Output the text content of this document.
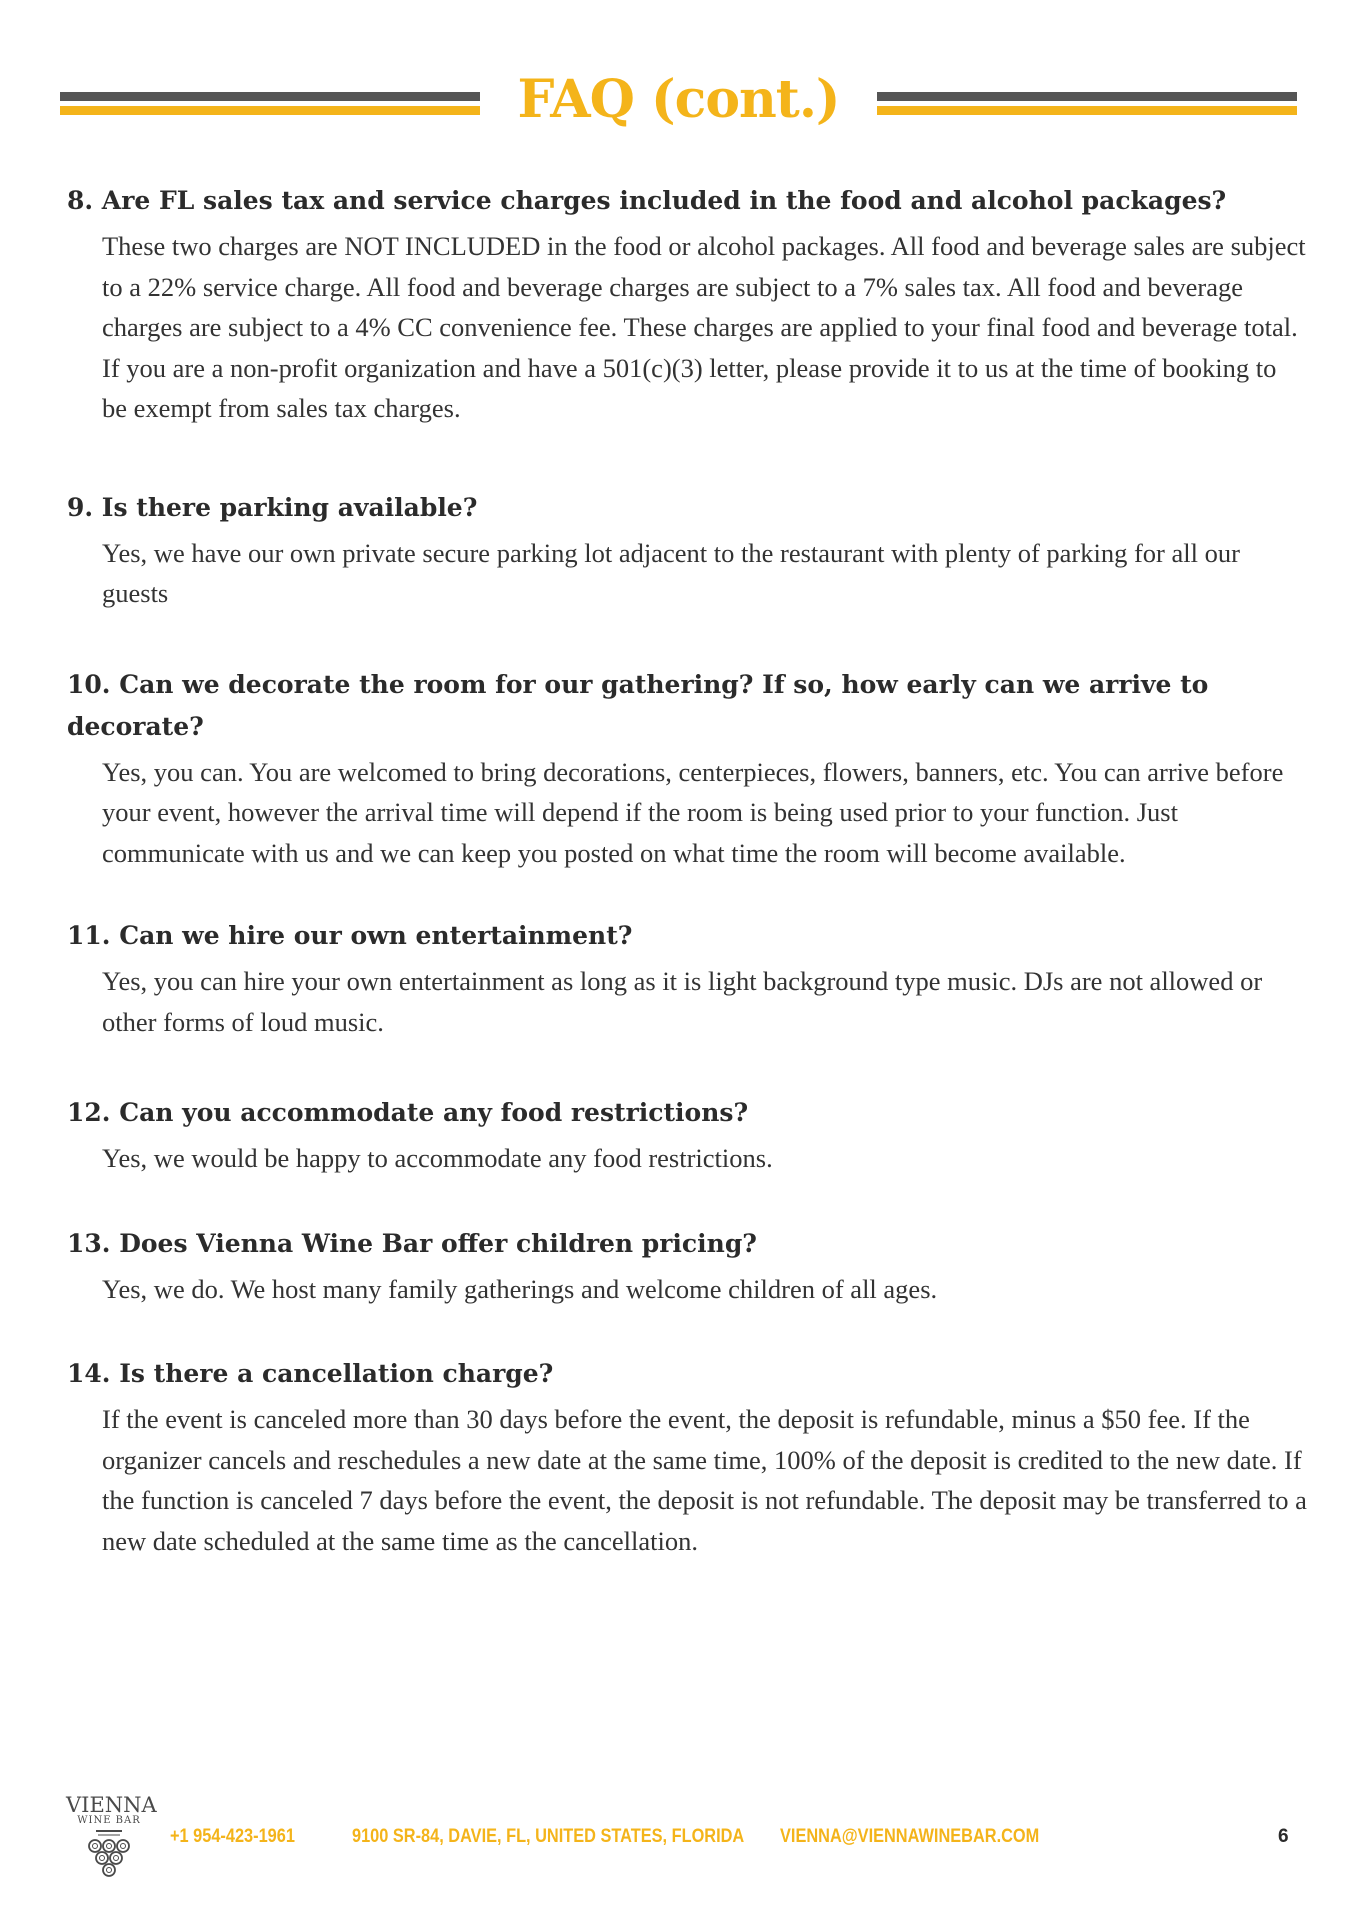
FAQ (cont.)
8. Are FL sales tax and service charges included in the food and alcohol packages?
These two charges are NOT INCLUDED in the food or alcohol packages. All food and beverage sales are subject to a 22% service charge. All food and beverage charges are subject to a 7% sales tax. All food and beverage charges are subject to a 4% CC convenience fee. These charges are applied to your final food and beverage total. If you are a non-profit organization and have a 501(c)(3) letter, please provide it to us at the time of booking to be exempt from sales tax charges.
9. Is there parking available?
Yes, we have our own private secure parking lot adjacent to the restaurant with plenty of parking for all our guests
10. Can we decorate the room for our gathering? If so, how early can we arrive to decorate?
Yes, you can. You are welcomed to bring decorations, centerpieces, flowers, banners, etc. You can arrive before your event, however the arrival time will depend if the room is being used prior to your function. Just communicate with us and we can keep you posted on what time the room will become available.
11. Can we hire our own entertainment?
Yes, you can hire your own entertainment as long as it is light background type music. DJs are not allowed or other forms of loud music.
12. Can you accommodate any food restrictions?
Yes, we would be happy to accommodate any food restrictions.
13. Does Vienna Wine Bar offer children pricing?
Yes, we do. We host many family gatherings and welcome children of all ages.
14. Is there a cancellation charge?
If the event is canceled more than 30 days before the event, the deposit is refundable, minus a $50 fee. If the organizer cancels and reschedules a new date at the same time, 100% of the deposit is credited to the new date. If the function is canceled 7 days before the event, the deposit is not refundable. The deposit may be transferred to a new date scheduled at the same time as the cancellation.
VIENNA
WINE BAR
+1 954-423-1961	9100 SR-84, DAVIE, FL, UNITED STATES, FLORIDA VIENNA@VIENNAWINEBAR.COM	6
